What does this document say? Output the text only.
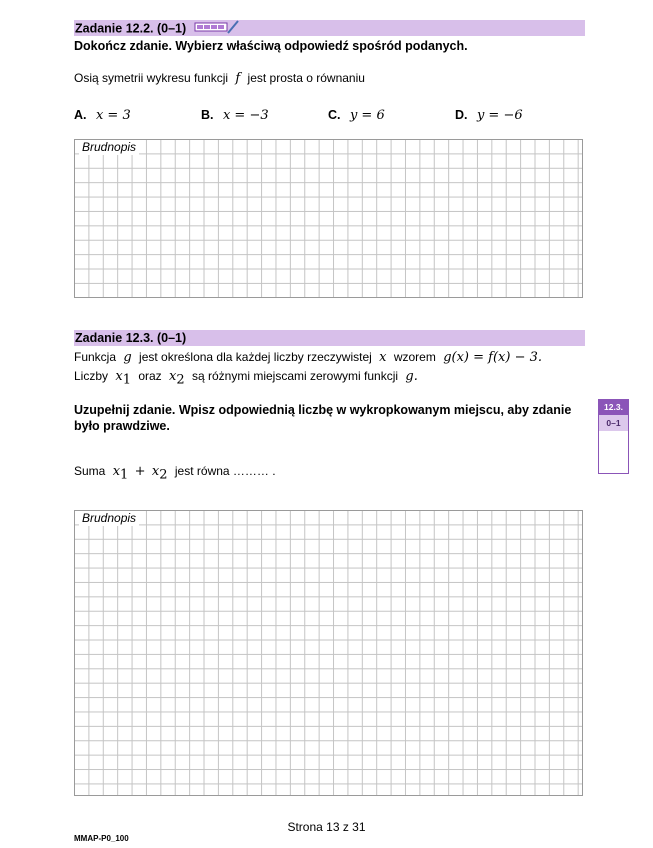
Zadanie 12.2. (0–1)
Dokończ zdanie. Wybierz właściwą odpowiedź spośród podanych.
Osią symetrii wykresu funkcji f jest prosta o równaniu
A. x = 3	B. x = −3	C. y = 6	D. y = −6
Brudnopis
Zadanie 12.3. (0–1)
Funkcja g jest określona dla każdej liczby rzeczywistej x wzorem g(x) = f(x) − 3.
Liczby $x_1$ oraz $x_2$ są różnymi miejscami zerowymi funkcji g.
Uzupełnij zdanie. Wpisz odpowiednią liczbę w wykropkowanym miejscu, aby zdanie było prawdziwe.
Suma $x_1 + x_2$ jest równa ……… .
Brudnopis
12.3.
0–1
Strona 13 z 31
MMAP-P0_100
